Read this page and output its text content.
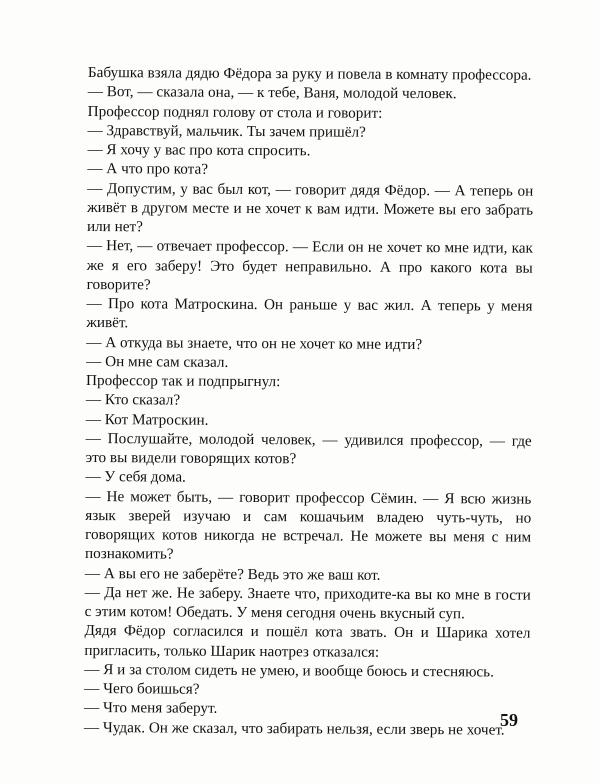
Бабушка взяла дядю Фёдора за руку и повела в комнату профессора.

— Вот, — сказала она, — к тебе, Ваня, молодой человек.

Профессор поднял голову от стола и говорит:

— Здравствуй, мальчик. Ты зачем пришёл?

— Я хочу у вас про кота спросить.

— А что про кота?

— Допустим, у вас был кот, — говорит дядя Фёдор. — А теперь он живёт в другом месте и не хочет к вам идти. Можете вы его забрать или нет?

— Нет, — отвечает профессор. — Если он не хочет ко мне идти, как же я его заберу! Это будет неправильно. А про какого кота вы говорите?

— Про кота Матроскина. Он раньше у вас жил. А теперь у меня живёт.

— А откуда вы знаете, что он не хочет ко мне идти?

— Он мне сам сказал.

Профессор так и подпрыгнул:

— Кто сказал?

— Кот Матроскин.

— Послушайте, молодой человек, — удивился профессор, — где это вы видели говорящих котов?

— У себя дома.

— Не может быть, — говорит профессор Сёмин. — Я всю жизнь язык зверей изучаю и сам кошачьим владею чуть-чуть, но говорящих котов никогда не встречал. Не можете вы меня с ним познакомить?

— А вы его не заберёте? Ведь это же ваш кот.

— Да нет же. Не заберу. Знаете что, приходите-ка вы ко мне в гости с этим котом! Обедать. У меня сегодня очень вкусный суп.

Дядя Фёдор согласился и пошёл кота звать. Он и Шарика хотел пригласить, только Шарик наотрез отказался:

— Я и за столом сидеть не умею, и вообще боюсь и стесняюсь.

— Чего боишься?

— Что меня заберут.

— Чудак. Он же сказал, что забирать нельзя, если зверь не хочет.

59
